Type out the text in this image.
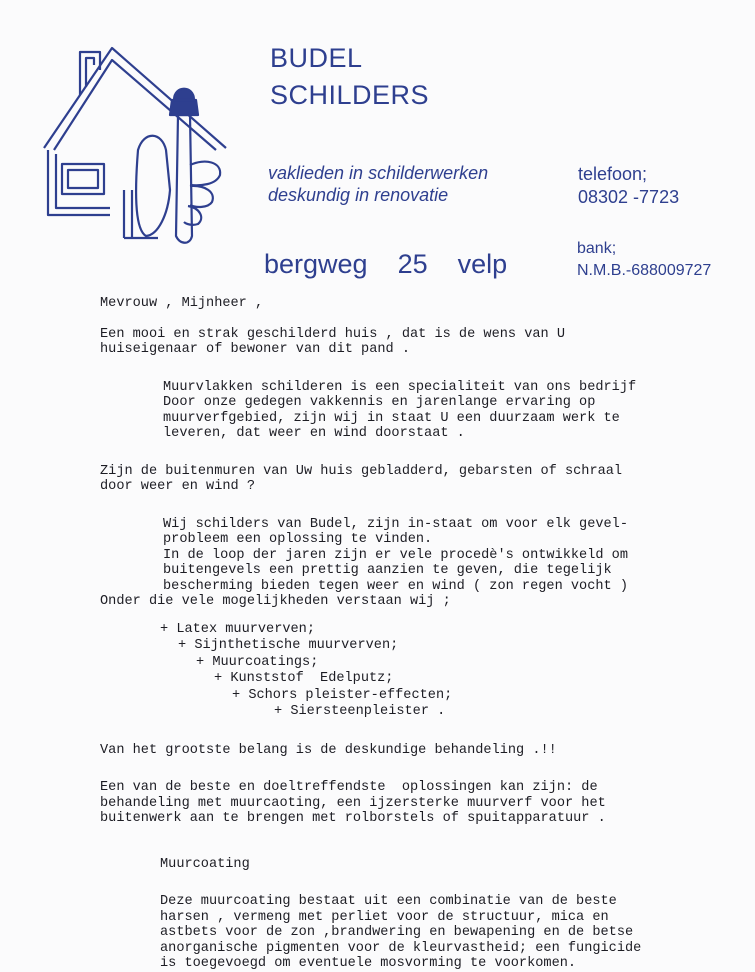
BUDEL
SCHILDERS
vaklieden in schilderwerken
deskundig in renovatie
telefoon;
08302 -7723
bergweg 25 velp
bank;
N.M.B.-688009727
Mevrouw , Mijnheer ,
Een mooi en strak geschilderd huis , dat is de wens van U
huiseigenaar of bewoner van dit pand .
Muurvlakken schilderen is een specialiteit van ons bedrijf
Door onze gedegen vakkennis en jarenlange ervaring op
muurverfgebied, zijn wij in staat U een duurzaam werk te
leveren, dat weer en wind doorstaat .
Zijn de buitenmuren van Uw huis gebladderd, gebarsten of schraal
door weer en wind ?
Wij schilders van Budel, zijn in-staat om voor elk gevel-
probleem een oplossing te vinden.
In de loop der jaren zijn er vele procedè's ontwikkeld om
buitengevels een prettig aanzien te geven, die tegelijk
bescherming bieden tegen weer en wind ( zon regen vocht )
Onder die vele mogelijkheden verstaan wij ;
+ Latex muurverven;
+ Sijnthetische muurverven;
+ Muurcoatings;
+ Kunststof  Edelputz;
+ Schors pleister-effecten;
+ Siersteenpleister .
Van het grootste belang is de deskundige behandeling .!!
Een van de beste en doeltreffendste  oplossingen kan zijn: de
behandeling met muurcaoting, een ijzersterke muurverf voor het
buitenwerk aan te brengen met rolborstels of spuitapparatuur .
Muurcoating
Deze muurcoating bestaat uit een combinatie van de beste
harsen , vermeng met perliet voor de structuur, mica en
astbets voor de zon ,brandwering en bewapening en de betse
anorganische pigmenten voor de kleurvastheid; een fungicide
is toegevoegd om eventuele mosvorming te voorkomen.
